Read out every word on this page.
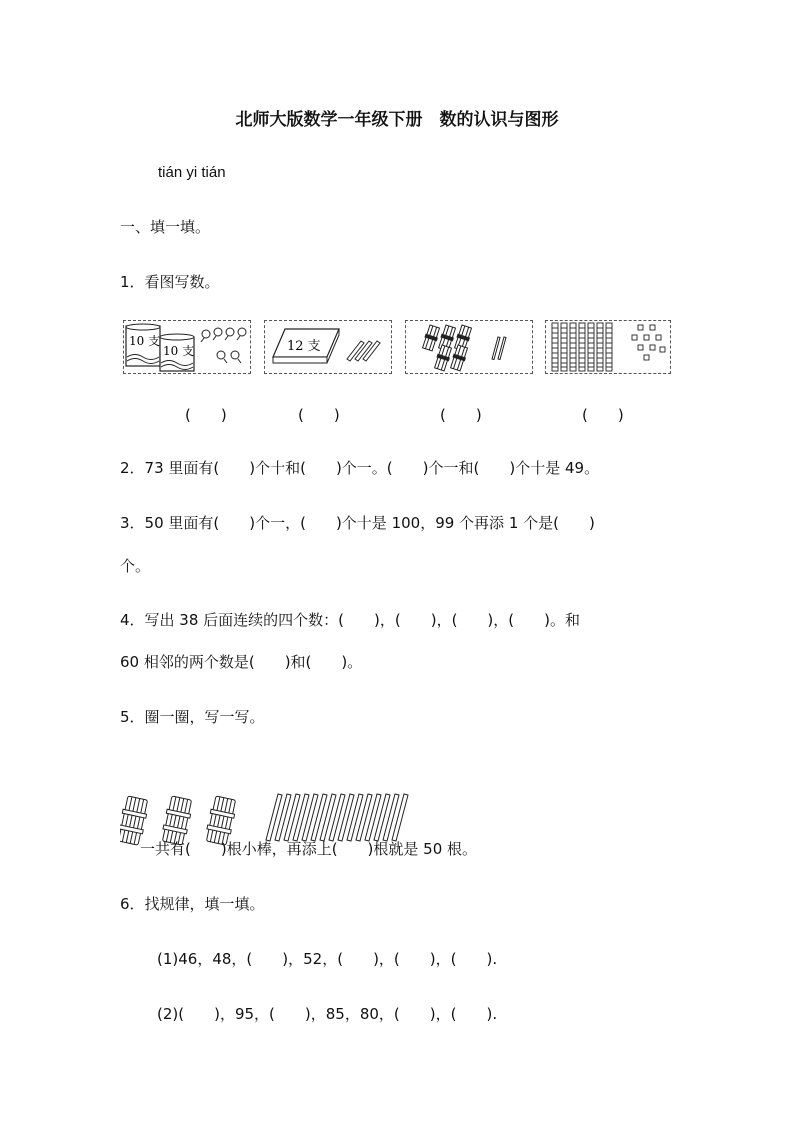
北师大版数学一年级下册　数的认识与图形
tián yi tián
一、填一填。
1．看图写数。
10 支
10 支	12 支
(　　)	(　　)	(　　)	(　　)
2．73 里面有(　　)个十和(　　)个一。(　　)个一和(　　)个十是 49。
3．50 里面有(　　)个一，(　　)个十是 100，99 个再添 1 个是(　　)
个。
4．写出 38 后面连续的四个数：(　　)，(　　)，(　　)，(　　)。和
60 相邻的两个数是(　　)和(　　)。
5．圈一圈，写一写。

一共有(　　)根小棒，再添上(　　)根就是 50 根。
6．找规律，填一填。
(1)46，48，(　　)，52，(　　)，(　　)，(　　).
(2)(　　)，95，(　　)，85，80，(　　)，(　　).
